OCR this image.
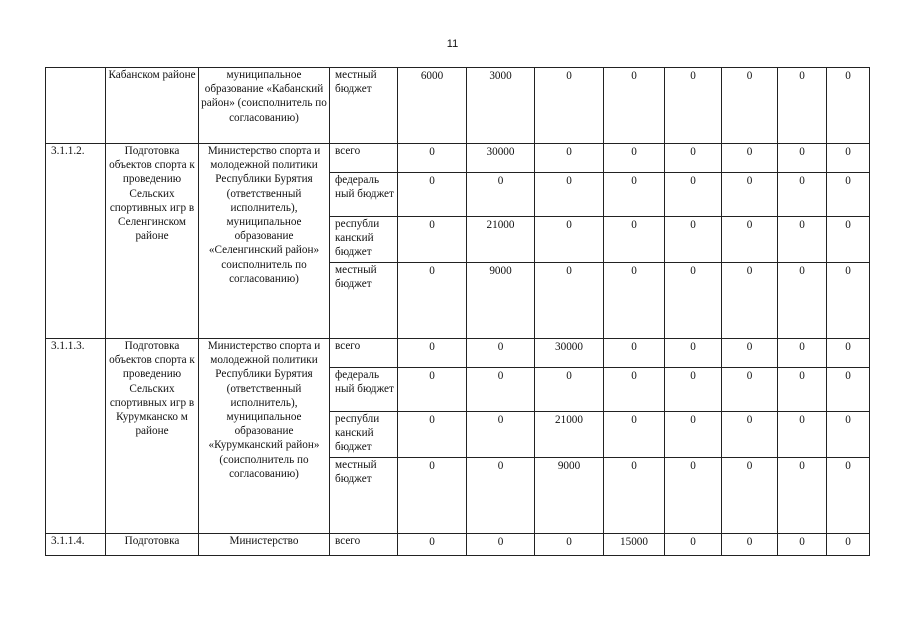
11
	Кабанском районе	муниципальное образование «Кабанский район» (соисполнитель по согласованию)	местный бюджет	6000	3000	0	0	0	0	0	0
3.1.1.2.	Подготовка объектов спорта к проведению Сельских спортивных игр в Селенгинском районе	Министерство спорта и молодежной политики Республики Бурятия (ответственный исполнитель), муниципальное образование «Селенгинский район» соисполнитель по согласованию)	всего	0	30000	0	0	0	0	0	0
			федераль ный бюджет	0	0	0	0	0	0	0	0
			республи канский бюджет	0	21000	0	0	0	0	0	0
			местный бюджет	0	9000	0	0	0	0	0	0
3.1.1.3.	Подготовка объектов спорта к проведению Сельских спортивных игр в Курумканско м районе	Министерство спорта и молодежной политики Республики Бурятия (ответственный исполнитель), муниципальное образование «Курумканский район» (соисполнитель по согласованию)	всего	0	0	30000	0	0	0	0	0
			федераль ный бюджет	0	0	0	0	0	0	0	0
			республи канский бюджет	0	0	21000	0	0	0	0	0
			местный бюджет	0	0	9000	0	0	0	0	0
3.1.1.4.	Подготовка	Министерство	всего	0	0	0	15000	0	0	0	0
